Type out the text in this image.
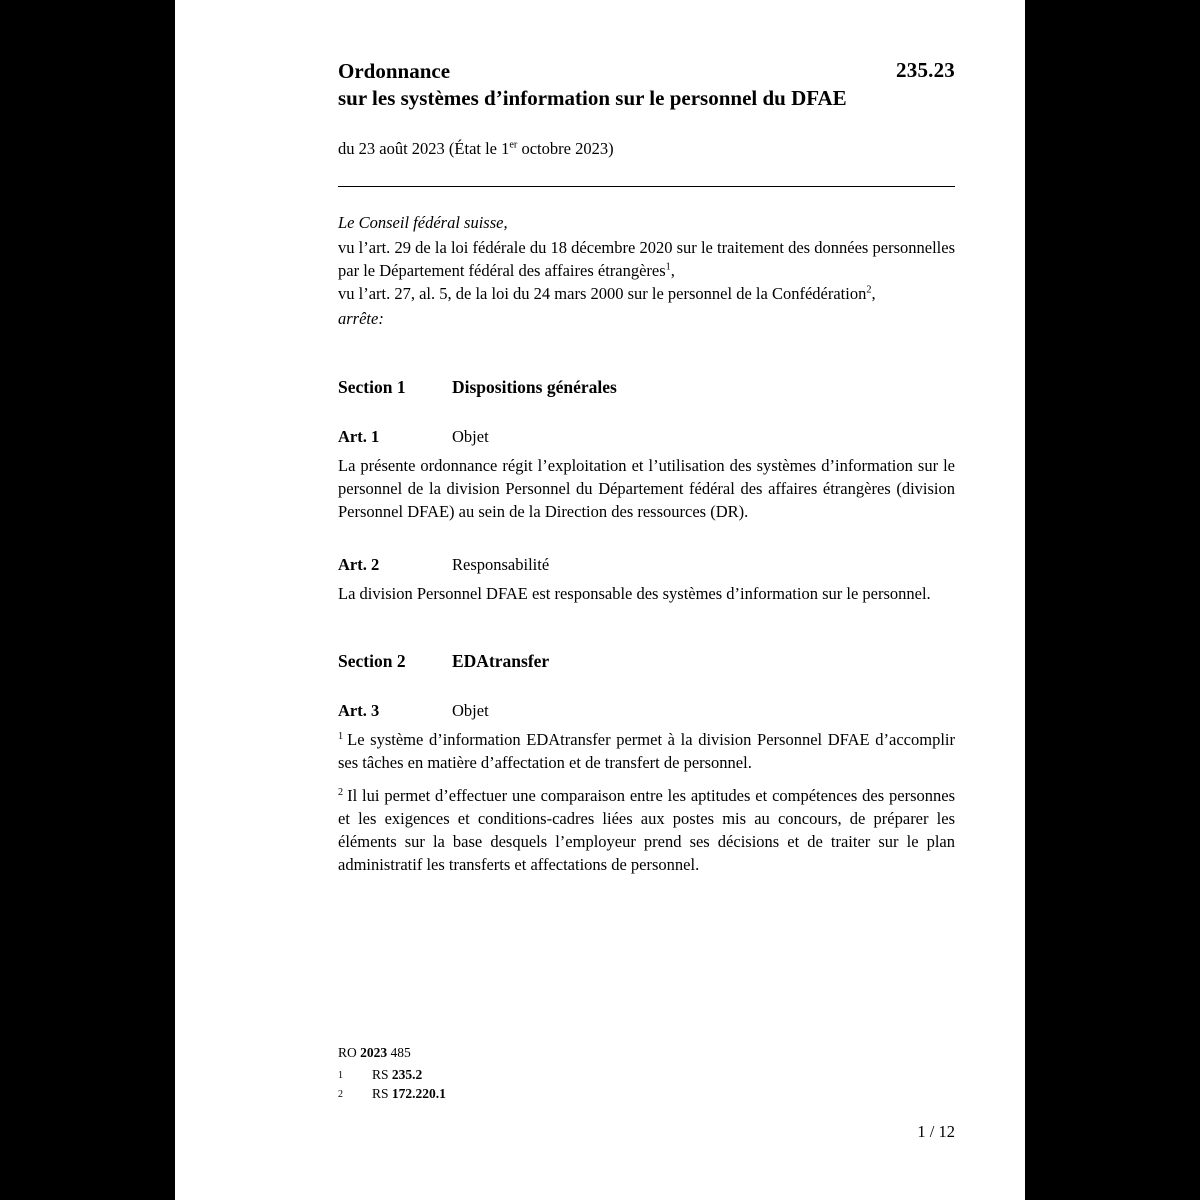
235.23
Ordonnance
sur les systèmes d’information sur le personnel du DFAE

du 23 août 2023 (État le 1er octobre 2023)

Le Conseil fédéral suisse,

vu l’art. 29 de la loi fédérale du 18 décembre 2020 sur le traitement des données personnelles par le Département fédéral des affaires étrangères$^1$,

vu l’art. 27, al. 5, de la loi du 24 mars 2000 sur le personnel de la Confédération$^2$,

arrête:

Section 1	Dispositions générales
Art. 1	Objet

La présente ordonnance régit l’exploitation et l’utilisation des systèmes d’information sur le personnel de la division Personnel du Département fédéral des affaires étrangères (division Personnel DFAE) au sein de la Direction des ressources (DR).

Art. 2	Responsabilité

La division Personnel DFAE est responsable des systèmes d’information sur le personnel.

Section 2	EDAtransfer
Art. 3	Objet

$^1$ Le système d’information EDAtransfer permet à la division Personnel DFAE d’accomplir ses tâches en matière d’affectation et de transfert de personnel.

$^2$ Il lui permet d’effectuer une comparaison entre les aptitudes et compétences des personnes et les exigences et conditions-cadres liées aux postes mis au concours, de préparer les éléments sur la base desquels l’employeur prend ses décisions et de traiter sur le plan administratif les transferts et affectations de personnel.

RO 2023 485

1	RS 235.2
2	RS 172.220.1
1 / 12
